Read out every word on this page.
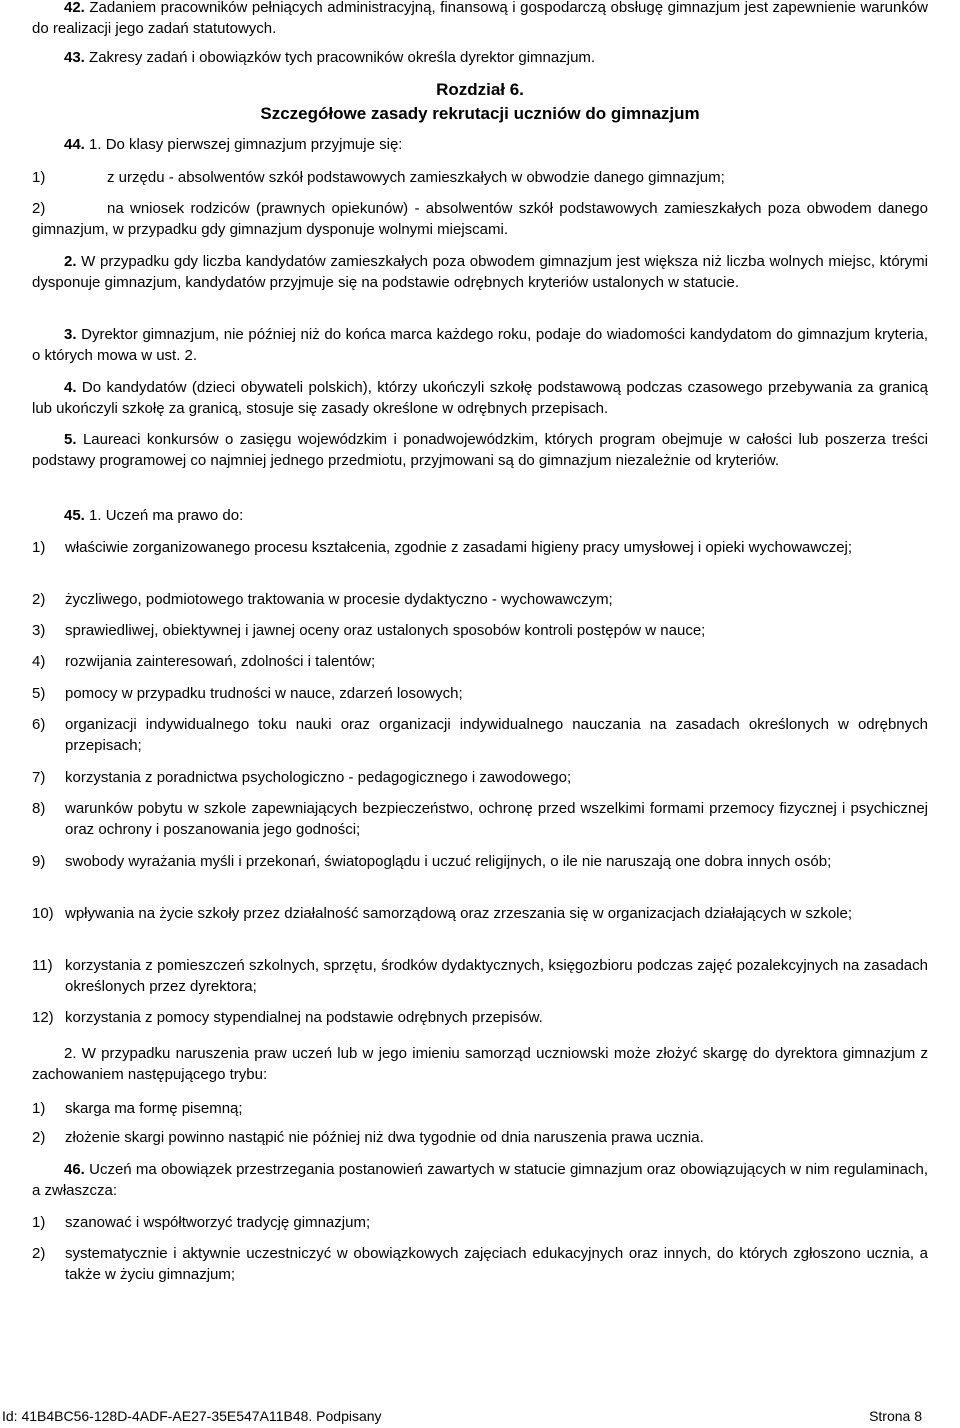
42. Zadaniem pracowników pełniących administracyjną, finansową i gospodarczą obsługę gimnazjum jest zapewnienie warunków do realizacji jego zadań statutowych.
43. Zakresy zadań i obowiązków tych pracowników określa dyrektor gimnazjum.
Rozdział 6.
Szczegółowe zasady rekrutacji uczniów do gimnazjum
44. 1. Do klasy pierwszej gimnazjum przyjmuje się:
1)	z urzędu - absolwentów szkół podstawowych zamieszkałych w obwodzie danego gimnazjum;
2)	na wniosek rodziców (prawnych opiekunów) - absolwentów szkół podstawowych zamieszkałych poza obwodem danego gimnazjum, w przypadku gdy gimnazjum dysponuje wolnymi miejscami.
2. W przypadku gdy liczba kandydatów zamieszkałych poza obwodem gimnazjum jest większa niż liczba wolnych miejsc, którymi dysponuje gimnazjum, kandydatów przyjmuje się na podstawie odrębnych kryteriów ustalonych w statucie.
3. Dyrektor gimnazjum, nie później niż do końca marca każdego roku, podaje do wiadomości kandydatom do gimnazjum kryteria, o których mowa w ust. 2.
4. Do kandydatów (dzieci obywateli polskich), którzy ukończyli szkołę podstawową podczas czasowego przebywania za granicą lub ukończyli szkołę za granicą, stosuje się zasady określone w odrębnych przepisach.
5. Laureaci konkursów o zasięgu wojewódzkim i ponadwojewódzkim, których program obejmuje w całości lub poszerza treści podstawy programowej co najmniej jednego przedmiotu, przyjmowani są do gimnazjum niezależnie od kryteriów.
45. 1. Uczeń ma prawo do:
1) właściwie zorganizowanego procesu kształcenia, zgodnie z zasadami higieny pracy umysłowej i opieki wychowawczej;
2) życzliwego, podmiotowego traktowania w procesie dydaktyczno - wychowawczym;
3) sprawiedliwej, obiektywnej i jawnej oceny oraz ustalonych sposobów kontroli postępów w nauce;
4) rozwijania zainteresowań, zdolności i talentów;
5) pomocy w przypadku trudności w nauce, zdarzeń losowych;
6) organizacji indywidualnego toku nauki oraz organizacji indywidualnego nauczania na zasadach określonych w odrębnych przepisach;
7) korzystania z poradnictwa psychologiczno - pedagogicznego i zawodowego;
8) warunków pobytu w szkole zapewniających bezpieczeństwo, ochronę przed wszelkimi formami przemocy fizycznej i psychicznej oraz ochrony i poszanowania jego godności;
9) swobody wyrażania myśli i przekonań, światopoglądu i uczuć religijnych, o ile nie naruszają one dobra innych osób;
10) wpływania na życie szkoły przez działalność samorządową oraz zrzeszania się w organizacjach działających w szkole;
11) korzystania z pomieszczeń szkolnych, sprzętu, środków dydaktycznych, księgozbioru podczas zajęć pozalekcyjnych na zasadach określonych przez dyrektora;
12) korzystania z pomocy stypendialnej na podstawie odrębnych przepisów.
2. W przypadku naruszenia praw uczeń lub w jego imieniu samorząd uczniowski może złożyć skargę do dyrektora gimnazjum z zachowaniem następującego trybu:
1) skarga ma formę pisemną;
2) złożenie skargi powinno nastąpić nie później niż dwa tygodnie od dnia naruszenia prawa ucznia.
46. Uczeń ma obowiązek przestrzegania postanowień zawartych w statucie gimnazjum oraz obowiązujących w nim regulaminach, a zwłaszcza:
1) szanować i współtworzyć tradycję gimnazjum;
2) systematycznie i aktywnie uczestniczyć w obowiązkowych zajęciach edukacyjnych oraz innych, do których zgłoszono ucznia, a także w życiu gimnazjum;
Id: 41B4BC56-128D-4ADF-AE27-35E547A11B48. Podpisany	Strona 8
